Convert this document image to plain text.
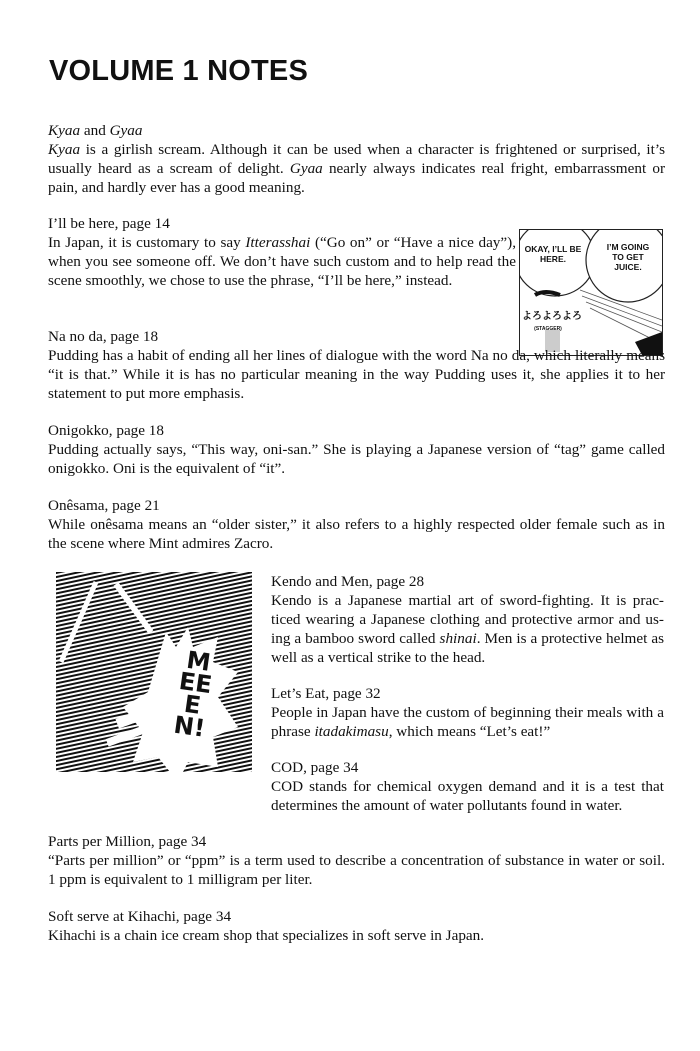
VOLUME 1 NOTES

Kyaa and Gyaa

Kyaa is a girlish scream. Although it can be used when a character is frightened or surprised, it’s usually heard as a scream of delight. Gyaa nearly always indicates real fright, embarrassment or pain, and hardly ever has a good meaning.

I’ll be here, page 14

In Japan, it is customary to say Itterasshai (“Go on” or “Have a nice day”), when you see someone off. We don’t have such custom and to help read the scene smoothly, we chose to use the phrase, “I’ll be here,” instead.

OKAY, I’LL BE HERE.
I’M GOING TO GET JUICE.
よろよろよろ
(STAGGER)

Na no da, page 18

Pudding has a habit of ending all her lines of dialogue with the word Na no da, which literally means “it is that.” While it is has no particular meaning in the way Pudding uses it, she applies it to her statement to put more emphasis.

Onigokko, page 18

Pudding actually says, “This way, oni-san.” She is playing a Japanese version of “tag” game called onigokko. Oni is the equivalent of “it”.

Onêsama, page 21

While onêsama means an “older sister,” it also refers to a highly respected older female such as in the scene where Mint admires Zacro.

MEEEN!

Kendo and Men, page 28

Kendo is a Japanese martial art of sword-fighting. It is prac- ticed wearing a Japanese clothing and protective armor and us- ing a bamboo sword called shinai. Men is a protective helmet as well as a vertical strike to the head.

Let’s Eat, page 32

People in Japan have the custom of beginning their meals with a phrase itadakimasu, which means “Let’s eat!”

COD, page 34

COD stands for chemical oxygen demand and it is a test that determines the amount of water pollutants found in water.

Parts per Million, page 34

“Parts per million” or “ppm” is a term used to describe a concentration of substance in water or soil. 1 ppm is equivalent to 1 milligram per liter.

Soft serve at Kihachi, page 34

Kihachi is a chain ice cream shop that specializes in soft serve in Japan.
